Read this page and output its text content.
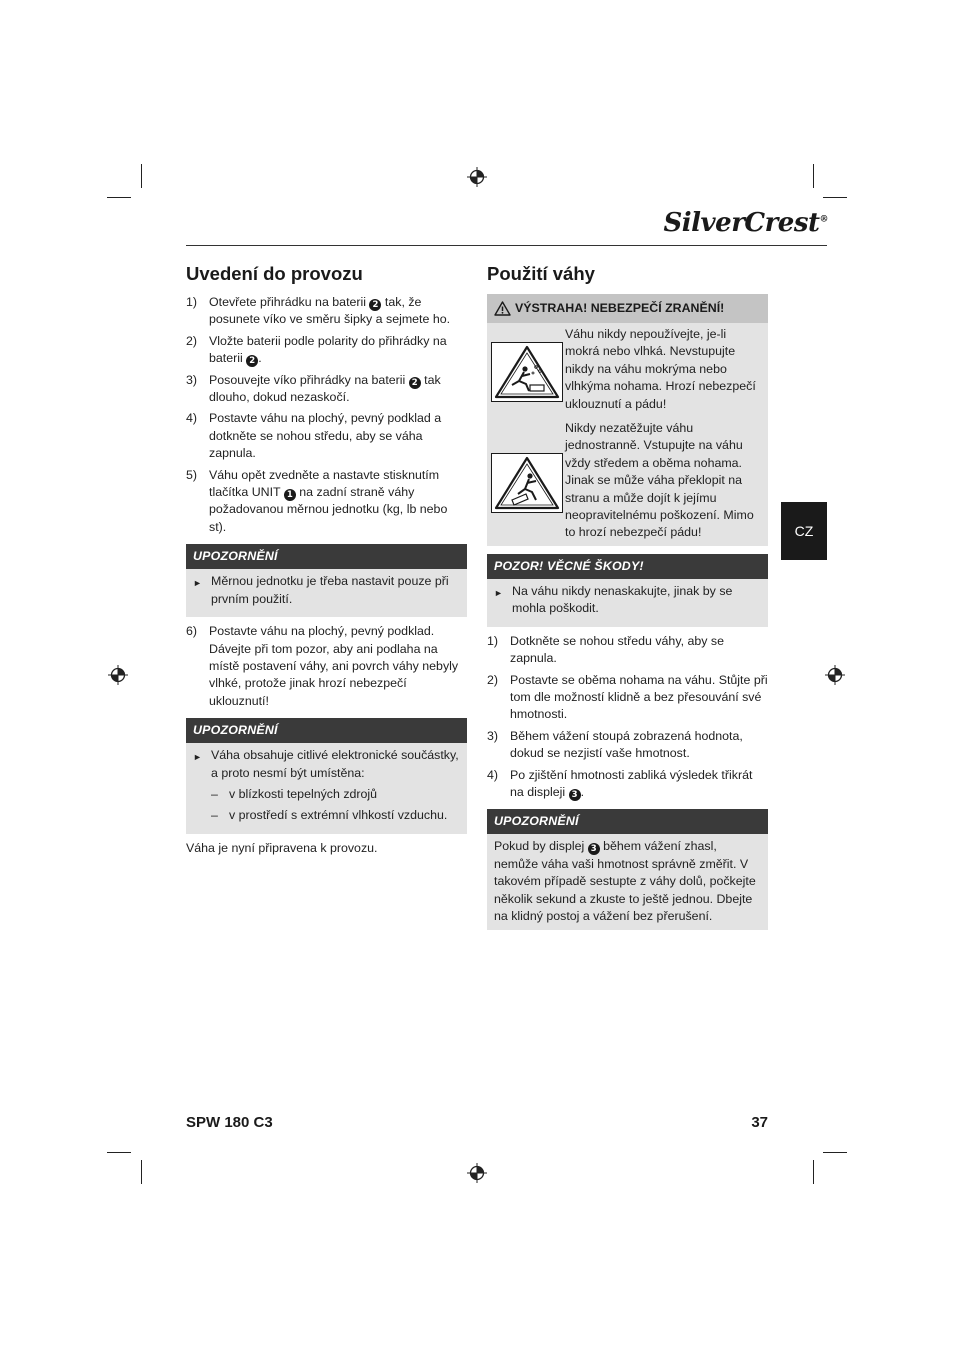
SilverCrest®
CZ
Uvedení do provozu
1) Otevřete přihrádku na baterii 2 tak, že posunete víko ve směru šipky a sejmete ho.
2) Vložte baterii podle polarity do přihrádky na baterii 2 .
3) Posouvejte víko přihrádky na baterii 2 tak dlouho, dokud nezaskočí.
4) Postavte váhu na plochý, pevný podklad a dotkněte se nohou středu, aby se váha zapnula.
5) Váhu opět zvedněte a nastavte stisknutím tlačítka UNIT 1 na zadní straně váhy požadovanou měrnou jednotku (kg, lb nebo st).
UPOZORNĚNÍ
► Měrnou jednotku je třeba nastavit pouze při prvním použití.
6) Postavte váhu na plochý, pevný podklad. Dávejte při tom pozor, aby ani podlaha na místě postavení váhy, ani povrch váhy nebyly vlhké, protože jinak hrozí nebezpečí uklouznutí!
UPOZORNĚNÍ
► Váha obsahuje citlivé elektronické součástky, a proto nesmí být umístěna:
– v blízkosti tepelných zdrojů
– v prostředí s extrémní vlhkostí vzduchu.
Váha je nyní připravena k provozu.
Použití váhy
VÝSTRAHA! NEBEZPEČÍ ZRANĚNÍ!
Váhu nikdy nepoužívejte, je-li mokrá nebo vlhká. Nevstupujte nikdy na váhu mokrýma nebo vlhkýma nohama. Hrozí nebezpečí uklouznutí a pádu!
Nikdy nezatěžujte váhu jednostranně. Vstupujte na váhu vždy středem a oběma nohama. Jinak se může váha překlopit na stranu a může dojít k jejímu neopravitelnému poškození. Mimo to hrozí nebezpečí pádu!
POZOR! VĚCNÉ ŠKODY!
► Na váhu nikdy nenaskakujte, jinak by se mohla poškodit.
1) Dotkněte se nohou středu váhy, aby se zapnula.
2) Postavte se oběma nohama na váhu. Stůjte při tom dle možností klidně a bez přesouvání své hmotnosti.
3) Během vážení stoupá zobrazená hodnota, dokud se nezjistí vaše hmotnost.
4) Po zjištění hmotnosti zabliká výsledek třikrát na displeji 3 .
UPOZORNĚNÍ
Pokud by displej 3 během vážení zhasl, nemůže váha vaši hmotnost správně změřit. V takovém případě sestupte z váhy dolů, počkejte několik sekund a zkuste to ještě jednou. Dbejte na klidný postoj a vážení bez přerušení.
SPW 180 C3	37
